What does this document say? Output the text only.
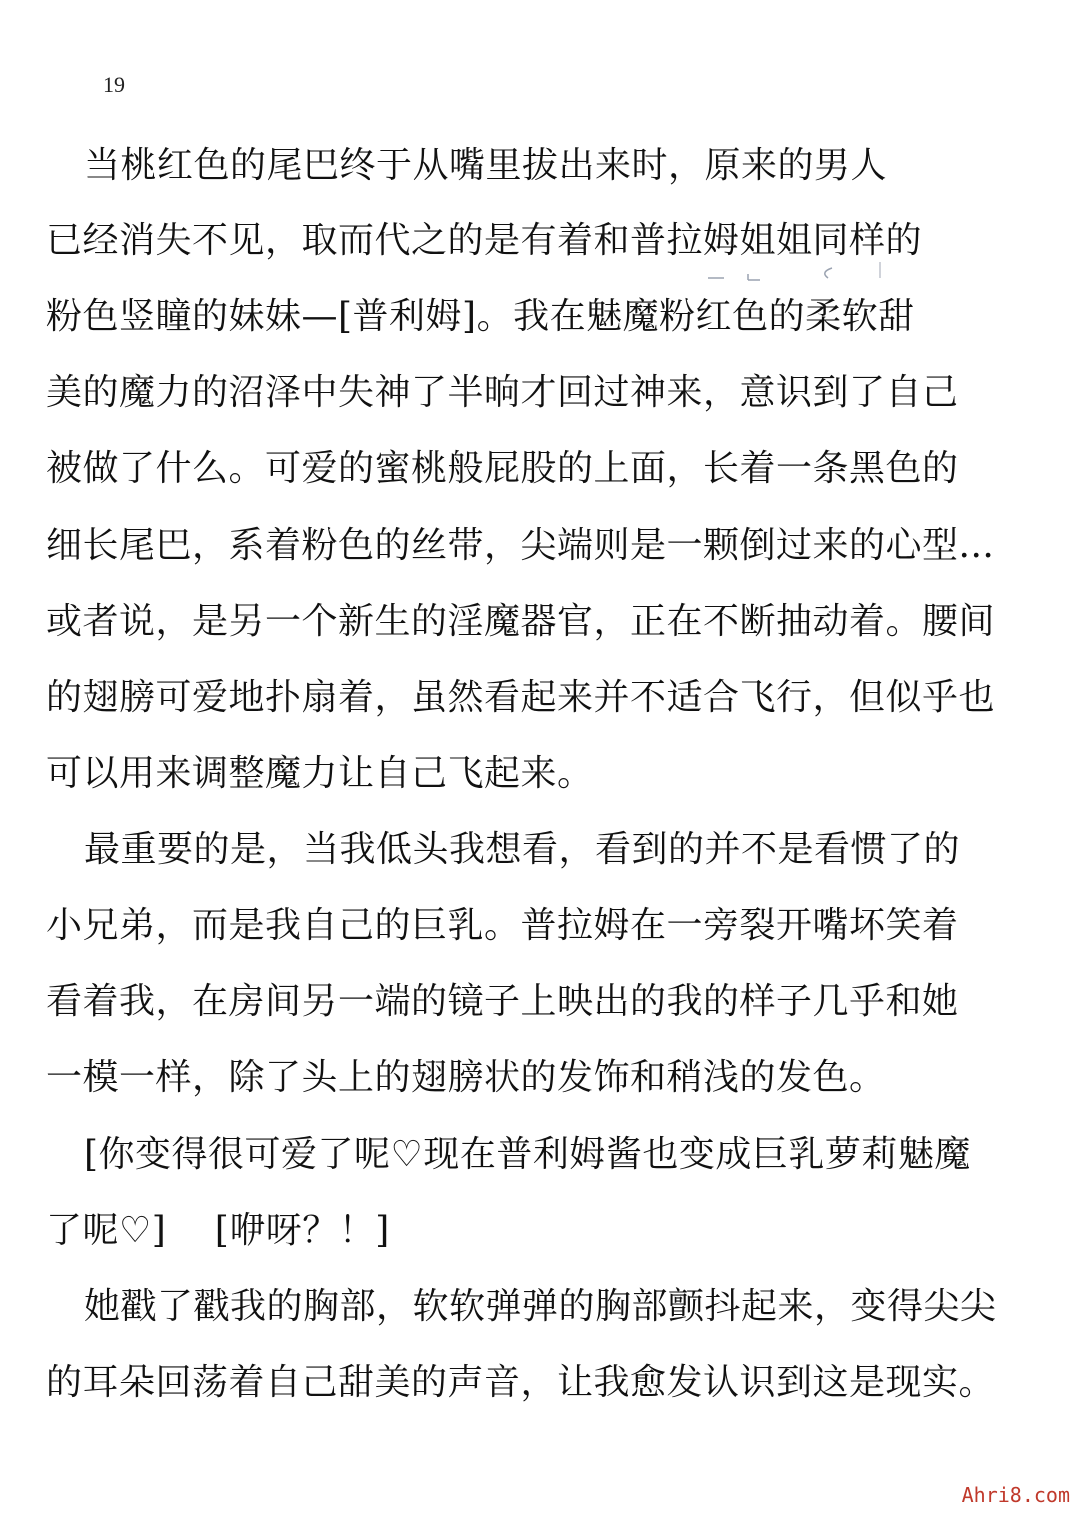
19
当桃红色的尾巴终于从嘴里拔出来时，原来的男人
已经消失不见，取而代之的是有着和普拉姆姐姐同样的
粉色竖瞳的妹妹—[普利姆]。我在魅魔粉红色的柔软甜
美的魔力的沼泽中失神了半晌才回过神来，意识到了自己
被做了什么。可爱的蜜桃般屁股的上面，长着一条黑色的
细长尾巴，系着粉色的丝带，尖端则是一颗倒过来的心型...
或者说，是另一个新生的淫魔器官，正在不断抽动着。腰间
的翅膀可爱地扑扇着，虽然看起来并不适合飞行，但似乎也
可以用来调整魔力让自己飞起来。
最重要的是，当我低头我想看，看到的并不是看惯了的
小兄弟，而是我自己的巨乳。普拉姆在一旁裂开嘴坏笑着
看着我，在房间另一端的镜子上映出的我的样子几乎和她
一模一样，除了头上的翅膀状的发饰和稍浅的发色。
[你变得很可爱了呢♡现在普利姆酱也变成巨乳萝莉魅魔
了呢♡]　 [咿呀？！]
她戳了戳我的胸部，软软弹弹的胸部颤抖起来，变得尖尖
的耳朵回荡着自己甜美的声音，让我愈发认识到这是现实。
Ahri8.com
